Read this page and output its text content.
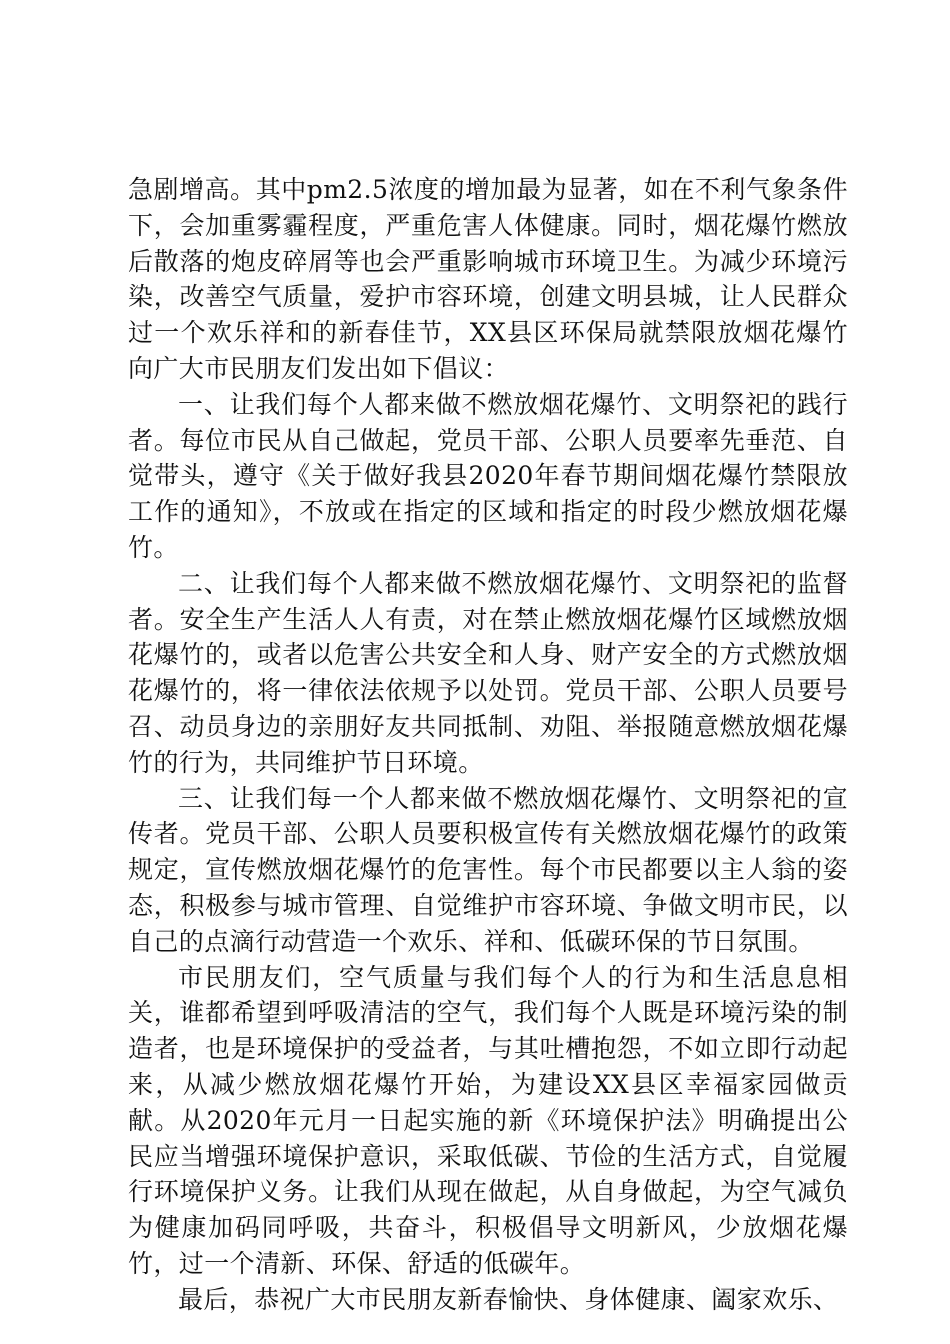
急剧增高。其中pm2.5浓度的增加最为显著，如在不利气象条件下，会加重雾霾程度，严重危害人体健康。同时，烟花爆竹燃放后散落的炮皮碎屑等也会严重影响城市环境卫生。为减少环境污染，改善空气质量，爱护市容环境，创建文明县城，让人民群众过一个欢乐祥和的新春佳节，XX县区环保局就禁限放烟花爆竹向广大市民朋友们发出如下倡议：

一、让我们每个人都来做不燃放烟花爆竹、文明祭祀的践行者。每位市民从自己做起，党员干部、公职人员要率先垂范、自觉带头，遵守《关于做好我县2020年春节期间烟花爆竹禁限放工作的通知》，不放或在指定的区域和指定的时段少燃放烟花爆竹。

二、让我们每个人都来做不燃放烟花爆竹、文明祭祀的监督者。安全生产生活人人有责，对在禁止燃放烟花爆竹区域燃放烟花爆竹的，或者以危害公共安全和人身、财产安全的方式燃放烟花爆竹的，将一律依法依规予以处罚。党员干部、公职人员要号召、动员身边的亲朋好友共同抵制、劝阻、举报随意燃放烟花爆竹的行为，共同维护节日环境。

三、让我们每一个人都来做不燃放烟花爆竹、文明祭祀的宣传者。党员干部、公职人员要积极宣传有关燃放烟花爆竹的政策规定，宣传燃放烟花爆竹的危害性。每个市民都要以主人翁的姿态，积极参与城市管理、自觉维护市容环境、争做文明市民，以自己的点滴行动营造一个欢乐、祥和、低碳环保的节日氛围。

市民朋友们，空气质量与我们每个人的行为和生活息息相关，谁都希望到呼吸清洁的空气，我们每个人既是环境污染的制造者，也是环境保护的受益者，与其吐槽抱怨，不如立即行动起来，从减少燃放烟花爆竹开始，为建设XX县区幸福家园做贡献。从2020年元月一日起实施的新《环境保护法》明确提出公民应当增强环境保护意识，采取低碳、节俭的生活方式，自觉履行环境保护义务。让我们从现在做起，从自身做起，为空气减负为健康加码同呼吸，共奋斗，积极倡导文明新风，少放烟花爆竹，过一个清新、环保、舒适的低碳年。

最后，恭祝广大市民朋友新春愉快、身体健康、阖家欢乐、
